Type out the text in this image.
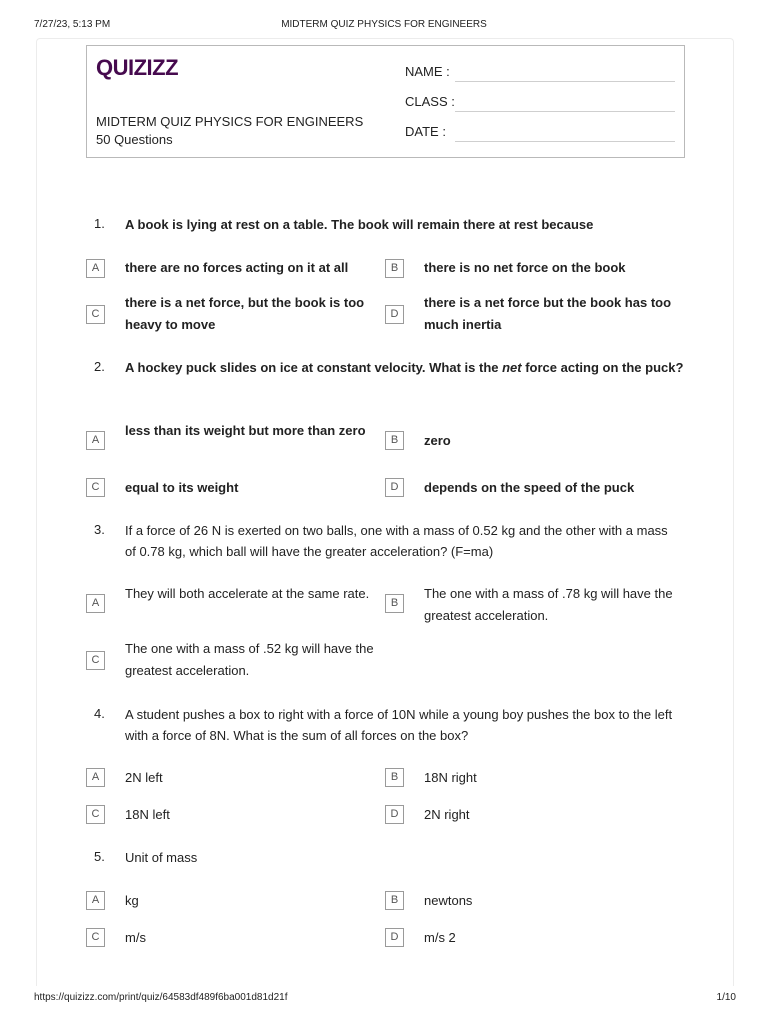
7/27/23, 5:13 PM	MIDTERM QUIZ PHYSICS FOR ENGINEERS
QUIZIZZ
MIDTERM QUIZ PHYSICS FOR ENGINEERS
50 Questions
NAME :
CLASS :
DATE :
1. A book is lying at rest on a table. The book will remain there at rest because
A	there are no forces acting on it at all	B	there is no net force on the book
C
there is a net force, but the book is too heavy to move
D
there is a net force but the book has too much inertia
2. A hockey puck slides on ice at constant velocity. What is the net force acting on the puck?
A
less than its weight but more than zero
B	zero
C	equal to its weight	D	depends on the speed of the puck
3. If a force of 26 N is exerted on two balls, one with a mass of 0.52 kg and the other with a mass of 0.78 kg, which ball will have the greater acceleration? (F=ma)
A
They will both accelerate at the same rate.
B
The one with a mass of .78 kg will have the greatest acceleration.
C
The one with a mass of .52 kg will have the greatest acceleration.
4. A student pushes a box to right with a force of 10N while a young boy pushes the box to the left with a force of 8N. What is the sum of all forces on the box?
A	2N left	B	18N right
C	18N left	D	2N right
5. Unit of mass
A	kg	B	newtons
C	m/s	D	m/s 2
https://quizizz.com/print/quiz/64583df489f6ba001d81d21f	1/10
